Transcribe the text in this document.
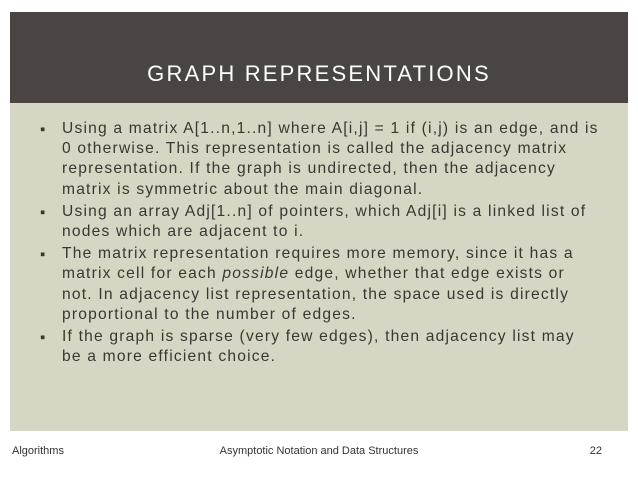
GRAPH REPRESENTATIONS
▪ Using a matrix A[1..n,1..n] where A[i,j] = 1 if (i,j) is an edge, and is 0 otherwise. This representation is called the adjacency matrix representation. If the graph is undirected, then the adjacency matrix is symmetric about the main diagonal.
▪ Using an array Adj[1..n] of pointers, which Adj[i] is a linked list of nodes which are adjacent to i.
▪ The matrix representation requires more memory, since it has a matrix cell for each possible edge, whether that edge exists or not. In adjacency list representation, the space used is directly proportional to the number of edges.
▪ If the graph is sparse (very few edges), then adjacency list may be a more efficient choice.
Algorithms	Asymptotic Notation and Data Structures	22
